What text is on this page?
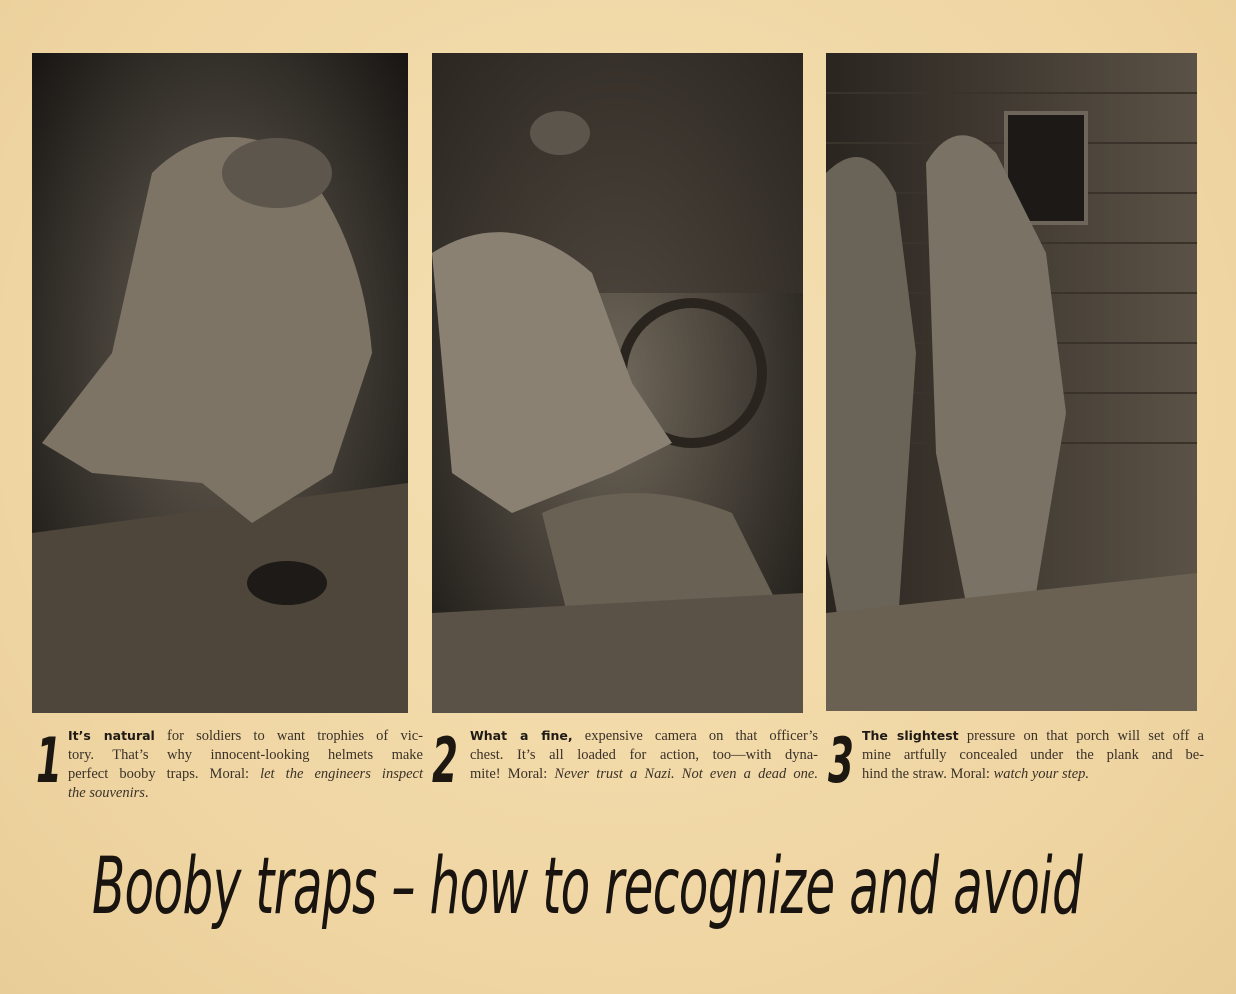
1 It’s natural for soldiers to want trophies of vic-
tory. That’s why innocent-looking helmets make
perfect booby traps. Moral: let the engineers inspect
the souvenirs.	2 What a fine, expensive camera on that officer’s
chest. It’s all loaded for action, too—with dyna-
mite! Moral: Never trust a Nazi. Not even a dead one. 3 The slightest pressure on that porch will set off a
mine artfully concealed under the plank and be-
hind the straw. Moral: watch your step.
Booby traps – how to recognize and avoid
